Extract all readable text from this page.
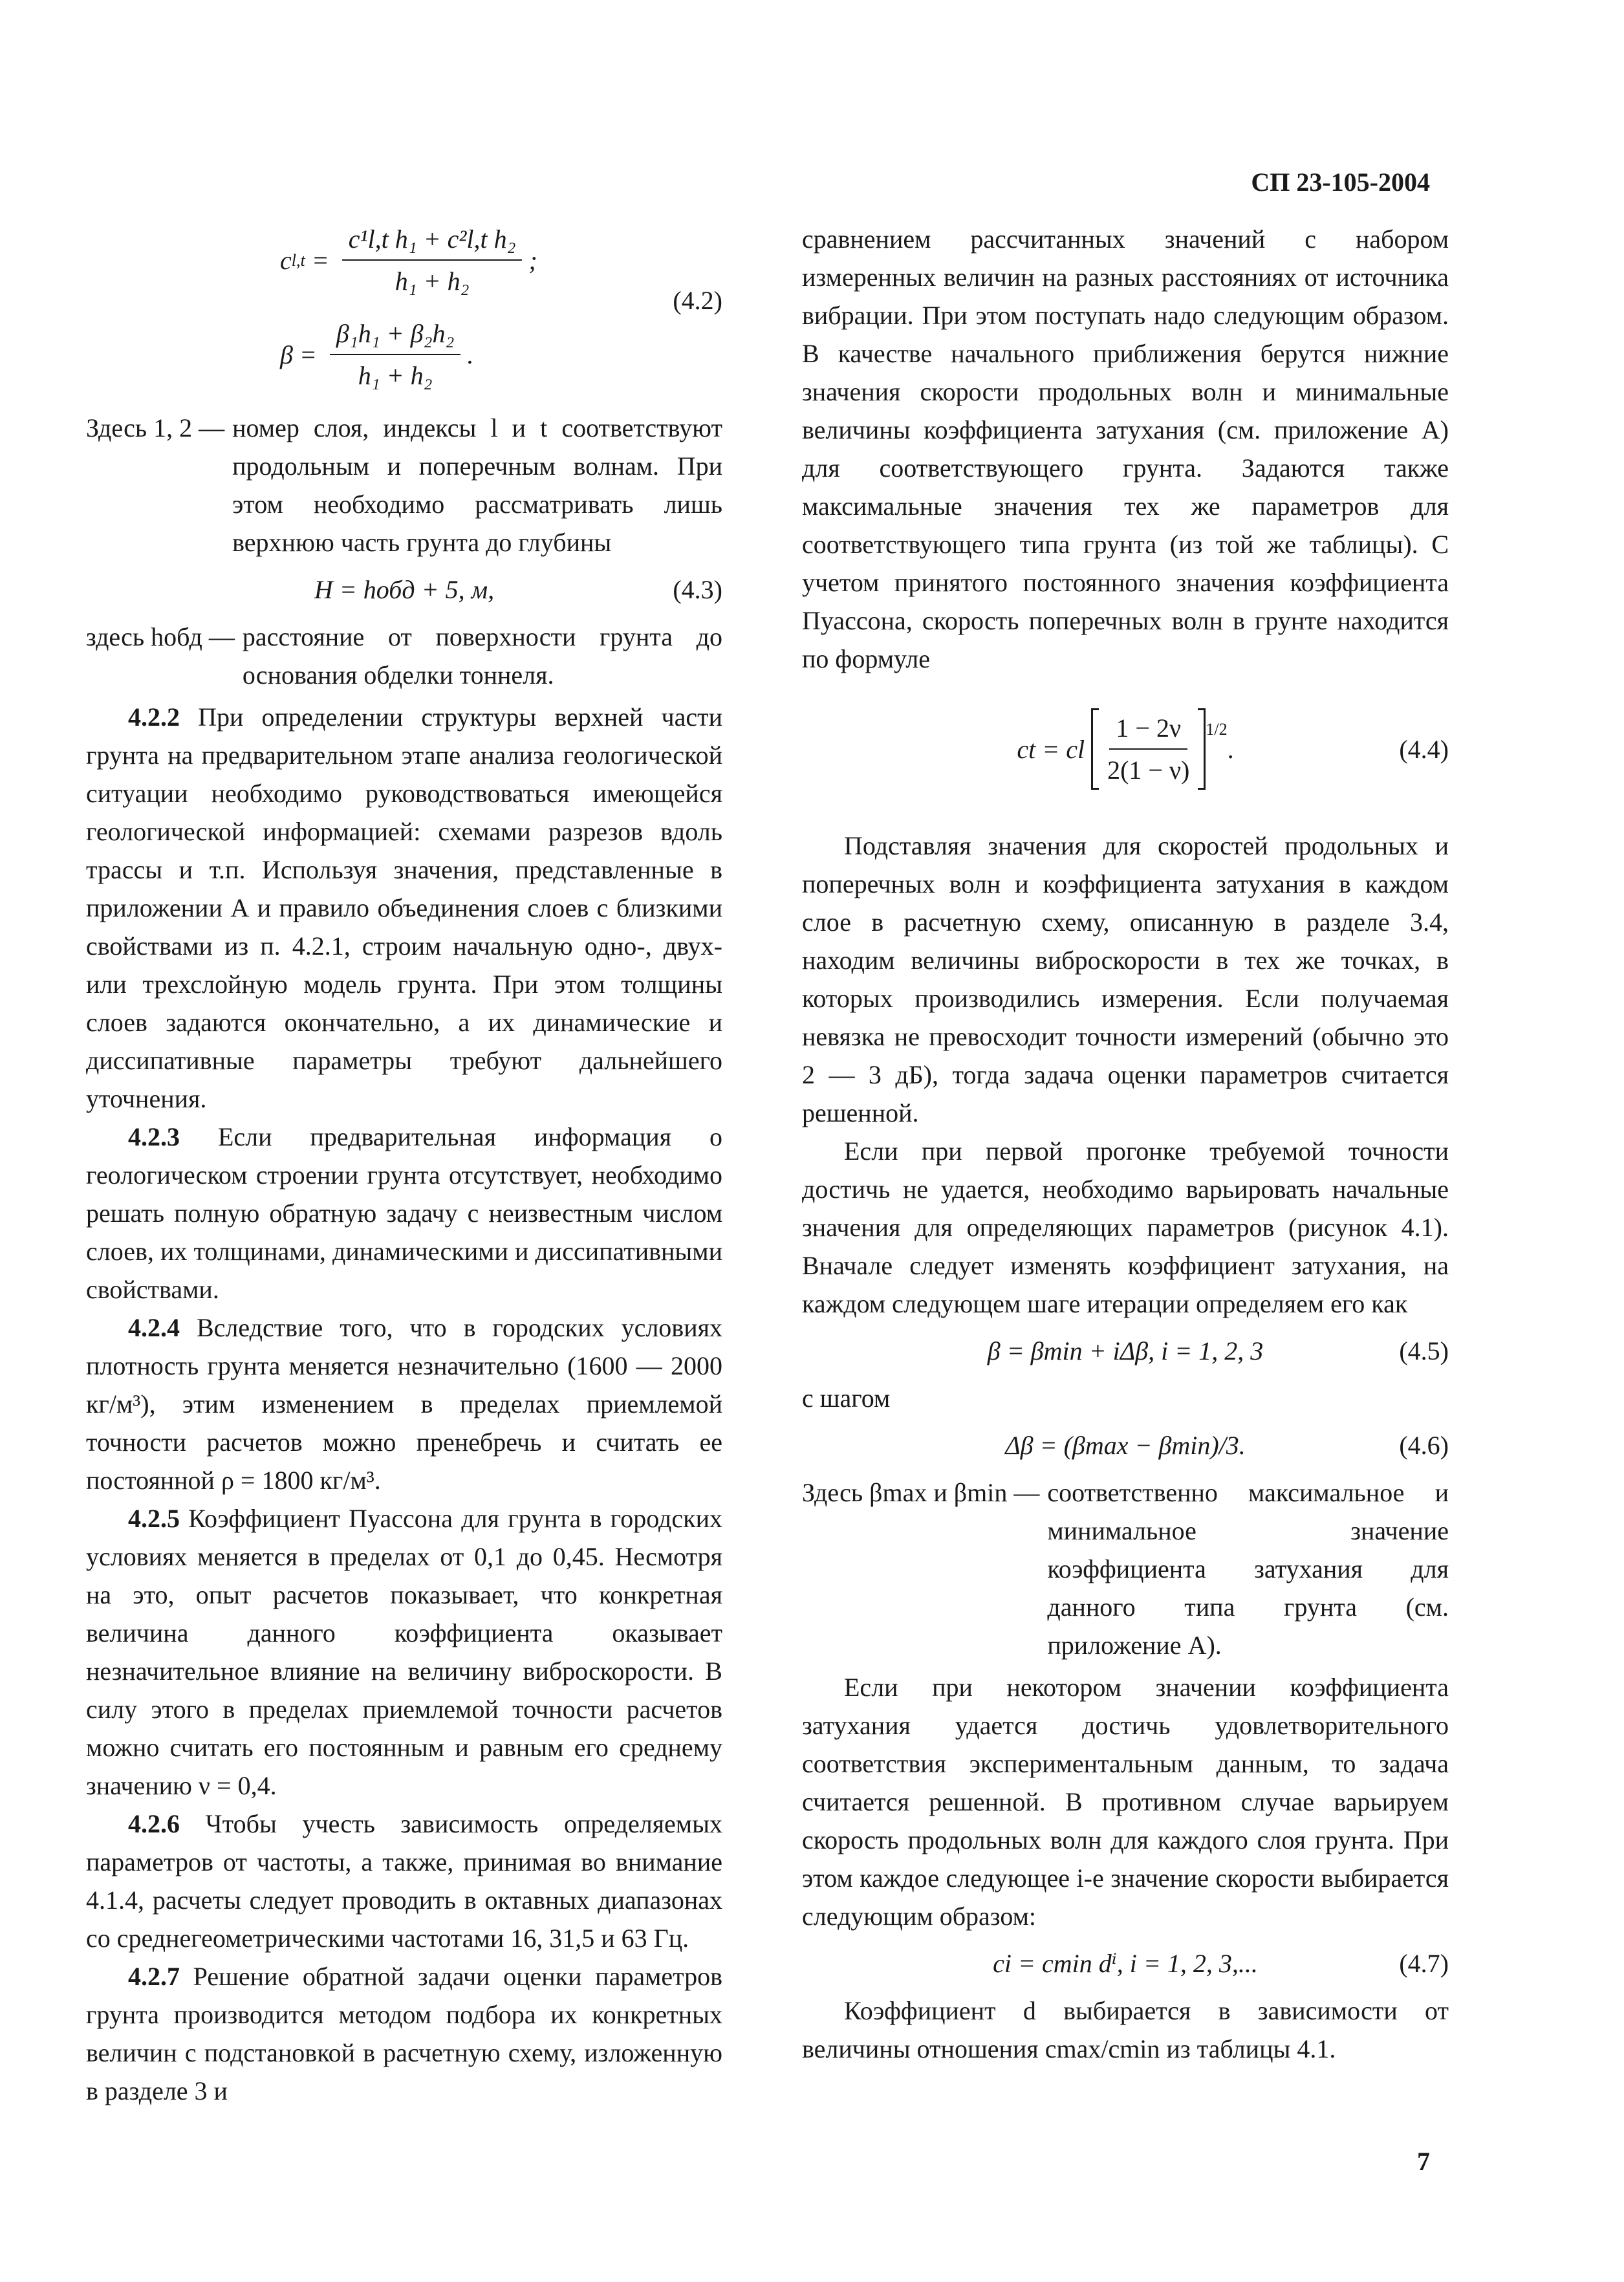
СП 23-105-2004
c $l,t = \frac{\text{c¹l,t h₁ + c²l,t h₂}}{\text{h₁ + h₂}}$ ;
$\beta = \frac{\text{β₁h₁ + β₂h₂}}{\text{h₁ + h₂}}$ .
(4.2)
Здесь 1, 2 — номер слоя, индексы l и t соответствуют продольным и поперечным волнам. При этом необходимо рассматривать лишь верхнюю часть грунта до глубины
H = hобд + 5, м,	(4.3)
здесь hобд — расстояние от поверхности грунта до основания обделки тоннеля.

4.2.2 При определении структуры верхней части грунта на предварительном этапе анализа геологической ситуации необходимо руководствоваться имеющейся геологической информацией: схемами разрезов вдоль трассы и т.п. Используя значения, представленные в приложении А и правило объединения слоев с близкими свойствами из п. 4.2.1, строим начальную одно-, двух- или трехслойную модель грунта. При этом толщины слоев задаются окончательно, а их динамические и диссипативные параметры требуют дальнейшего уточнения.

4.2.3 Если предварительная информация о геологическом строении грунта отсутствует, необходимо решать полную обратную задачу с неизвестным числом слоев, их толщинами, динамическими и диссипативными свойствами.

4.2.4 Вследствие того, что в городских условиях плотность грунта меняется незначительно (1600 — 2000 кг/м³), этим изменением в пределах приемлемой точности расчетов можно пренебречь и считать ее постоянной ρ = 1800 кг/м³.

4.2.5 Коэффициент Пуассона для грунта в городских условиях меняется в пределах от 0,1 до 0,45. Несмотря на это, опыт расчетов показывает, что конкретная величина данного коэффициента оказывает незначительное влияние на величину виброскорости. В силу этого в пределах приемлемой точности расчетов можно считать его постоянным и равным его среднему значению ν = 0,4.

4.2.6 Чтобы учесть зависимость определяемых параметров от частоты, а также, принимая во внимание 4.1.4, расчеты следует проводить в октавных диапазонах со среднегеометрическими частотами 16, 31,5 и 63 Гц.

4.2.7 Решение обратной задачи оценки параметров грунта производится методом подбора их конкретных величин с подстановкой в расчетную схему, изложенную в разделе 3 и

сравнением рассчитанных значений с набором измеренных величин на разных расстояниях от источника вибрации. При этом поступать надо следующим образом. В качестве начального приближения берутся нижние значения скорости продольных волн и минимальные величины коэффициента затухания (см. приложение А) для соответствующего грунта. Задаются также максимальные значения тех же параметров для соответствующего типа грунта (из той же таблицы). С учетом принятого постоянного значения коэффициента Пуассона, скорость поперечных волн в грунте находится по формуле

ct = cl
$\frac{1 - 2\nu}{2(1 - \nu)} ^{1/2}$
.	(4.4)

Подставляя значения для скоростей продольных и поперечных волн и коэффициента затухания в каждом слое в расчетную схему, описанную в разделе 3.4, находим величины виброскорости в тех же точках, в которых производились измерения. Если получаемая невязка не превосходит точности измерений (обычно это 2 — 3 дБ), тогда задача оценки параметров считается решенной.

Если при первой прогонке требуемой точности достичь не удается, необходимо варьировать начальные значения для определяющих параметров (рисунок 4.1). Вначале следует изменять коэффициент затухания, на каждом следующем шаге итерации определяем его как

β = βmin + iΔβ, i = 1, 2, 3	(4.5)

с шагом

Δβ = (βmax − βmin)/3.	(4.6)
Здесь βmax и βmin — соответственно максимальное и минимальное значение коэффициента затухания для данного типа грунта (см. приложение А).

Если при некотором значении коэффициента затухания удается достичь удовлетворительного соответствия экспериментальным данным, то задача считается решенной. В противном случае варьируем скорость продольных волн для каждого слоя грунта. При этом каждое следующее i-е значение скорости выбирается следующим образом:

ci = cmin dⁱ, i = 1, 2, 3,...	(4.7)

Коэффициент d выбирается в зависимости от величины отношения cmax/cmin из таблицы 4.1.

7
